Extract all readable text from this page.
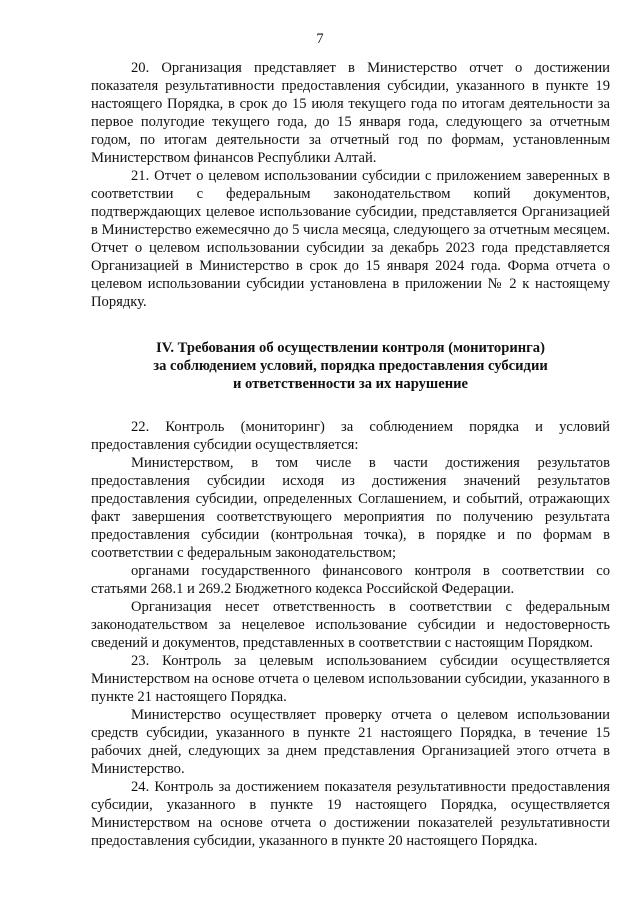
7

20. Организация представляет в Министерство отчет о достижении показателя результативности предоставления субсидии, указанного в пункте 19 настоящего Порядка, в срок до 15 июля текущего года по итогам деятельности за первое полугодие текущего года, до 15 января года, следующего за отчетным годом, по итогам деятельности за отчетный год по формам, установленным Министерством финансов Республики Алтай.

21. Отчет о целевом использовании субсидии с приложением заверенных в соответствии с федеральным законодательством копий документов, подтверждающих целевое использование субсидии, представляется Организацией в Министерство ежемесячно до 5 числа месяца, следующего за отчетным месяцем. Отчет о целевом использовании субсидии за декабрь 2023 года представляется Организацией в Министерство в срок до 15 января 2024 года. Форма отчета о целевом использовании субсидии установлена в приложении № 2 к настоящему Порядку.

IV. Требования об осуществлении контроля (мониторинга)
за соблюдением условий, порядка предоставления субсидии
и ответственности за их нарушение

22. Контроль (мониторинг) за соблюдением порядка и условий предоставления субсидии осуществляется:

Министерством, в том числе в части достижения результатов предоставления субсидии исходя из достижения значений результатов предоставления субсидии, определенных Соглашением, и событий, отражающих факт завершения соответствующего мероприятия по получению результата предоставления субсидии (контрольная точка), в порядке и по формам в соответствии с федеральным законодательством;

органами государственного финансового контроля в соответствии со статьями 268.1 и 269.2 Бюджетного кодекса Российской Федерации.

Организация несет ответственность в соответствии с федеральным законодательством за нецелевое использование субсидии и недостоверность сведений и документов, представленных в соответствии с настоящим Порядком.

23. Контроль за целевым использованием субсидии осуществляется Министерством на основе отчета о целевом использовании субсидии, указанного в пункте 21 настоящего Порядка.

Министерство осуществляет проверку отчета о целевом использовании средств субсидии, указанного в пункте 21 настоящего Порядка, в течение 15 рабочих дней, следующих за днем представления Организацией этого отчета в Министерство.

24. Контроль за достижением показателя результативности предоставления субсидии, указанного в пункте 19 настоящего Порядка, осуществляется Министерством на основе отчета о достижении показателей результативности предоставления субсидии, указанного в пункте 20 настоящего Порядка.
